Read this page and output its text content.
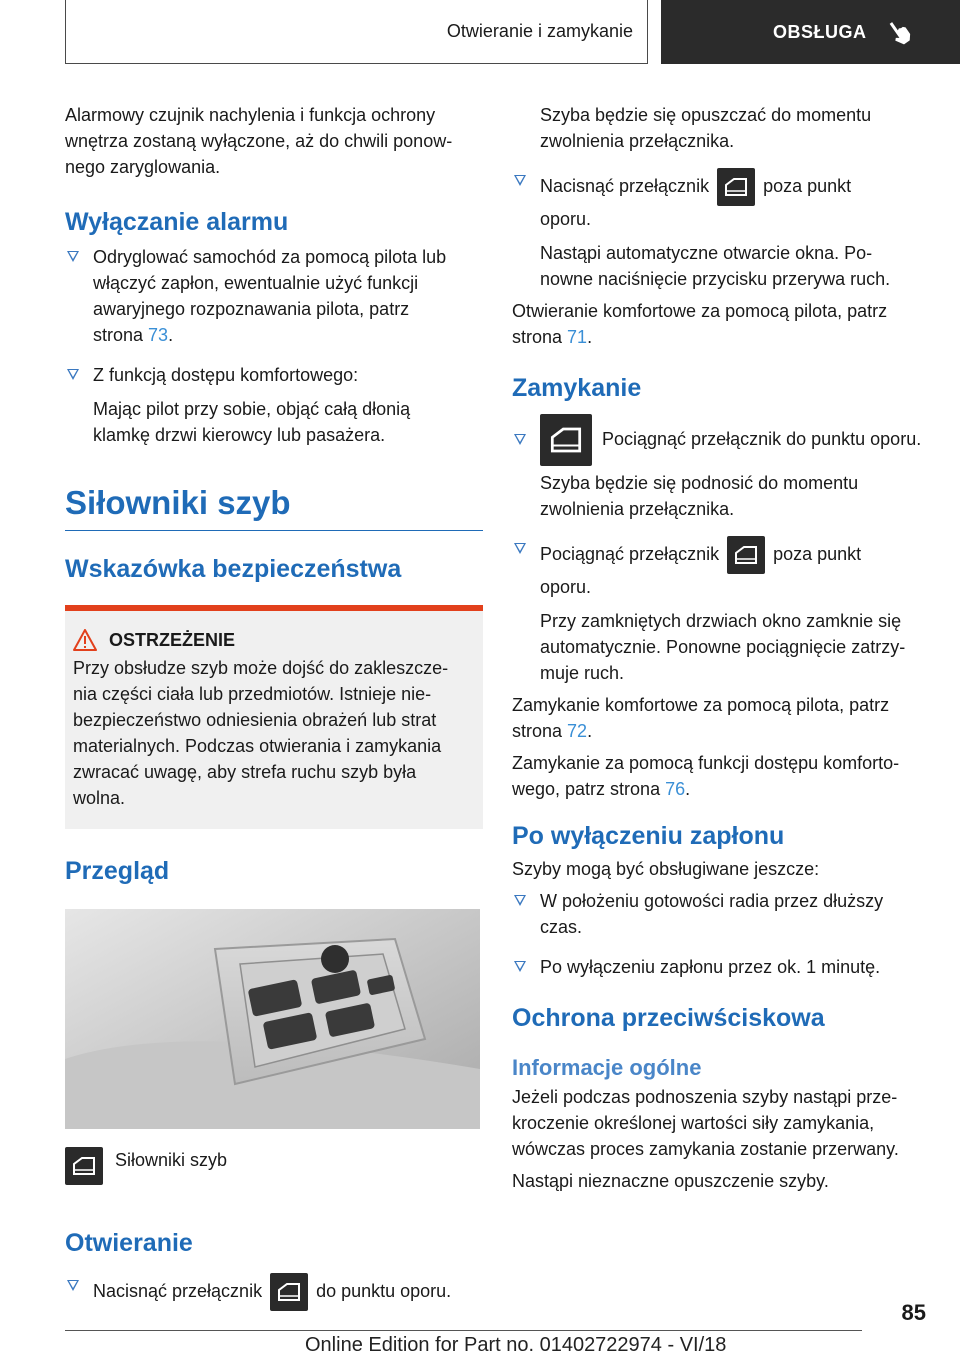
Otwieranie i zamykanie	OBSŁUGA

Alarmowy czujnik nachylenia i funkcja ochrony

wnętrza zostaną wyłączone, aż do chwili ponow-

nego zaryglowania.

Wyłączanie alarmu

Odryglować samochód za pomocą pilota lub

włączyć zapłon, ewentualnie użyć funkcji

awaryjnego rozpoznawania pilota, patrz

strona 73.

Z funkcją dostępu komfortowego:

Mając pilot przy sobie, objąć całą dłonią

klamkę drzwi kierowcy lub pasażera.

Siłowniki szyb
Wskazówka bezpieczeństwa
OSTRZEŻENIE

Przy obsłudze szyb może dojść do zakleszcze-

nia części ciała lub przedmiotów. Istnieje nie-

bezpieczeństwo odniesienia obrażeń lub strat

materialnych. Podczas otwierania i zamykania

zwracać uwagę, aby strefa ruchu szyb była

wolna.

Przegląd

Siłowniki szyb

Otwieranie

Nacisnąć przełącznik	do punktu oporu.

Szyba będzie się opuszczać do momentu

zwolnienia przełącznika.

Nacisnąć przełącznik	poza punkt

oporu.

Nastąpi automatyczne otwarcie okna. Po-

nowne naciśnięcie przycisku przerywa ruch.

Otwieranie komfortowe za pomocą pilota, patrz

strona 71.

Zamykanie

Pociągnąć przełącznik do punktu oporu.

Szyba będzie się podnosić do momentu

zwolnienia przełącznika.

Pociągnąć przełącznik	poza punkt

oporu.

Przy zamkniętych drzwiach okno zamknie się

automatycznie. Ponowne pociągnięcie zatrzy-

muje ruch.

Zamykanie komfortowe za pomocą pilota, patrz

strona 72.

Zamykanie za pomocą funkcji dostępu komforto-

wego, patrz strona 76.

Po wyłączeniu zapłonu

Szyby mogą być obsługiwane jeszcze:

W położeniu gotowości radia przez dłuższy

czas.

Po wyłączeniu zapłonu przez ok. 1 minutę.

Ochrona przeciwściskowa
Informacje ogólne

Jeżeli podczas podnoszenia szyby nastąpi prze-

kroczenie określonej wartości siły zamykania,

wówczas proces zamykania zostanie przerwany.

Nastąpi nieznaczne opuszczenie szyby.

85
Online Edition for Part no. 01402722974 - VI/18
